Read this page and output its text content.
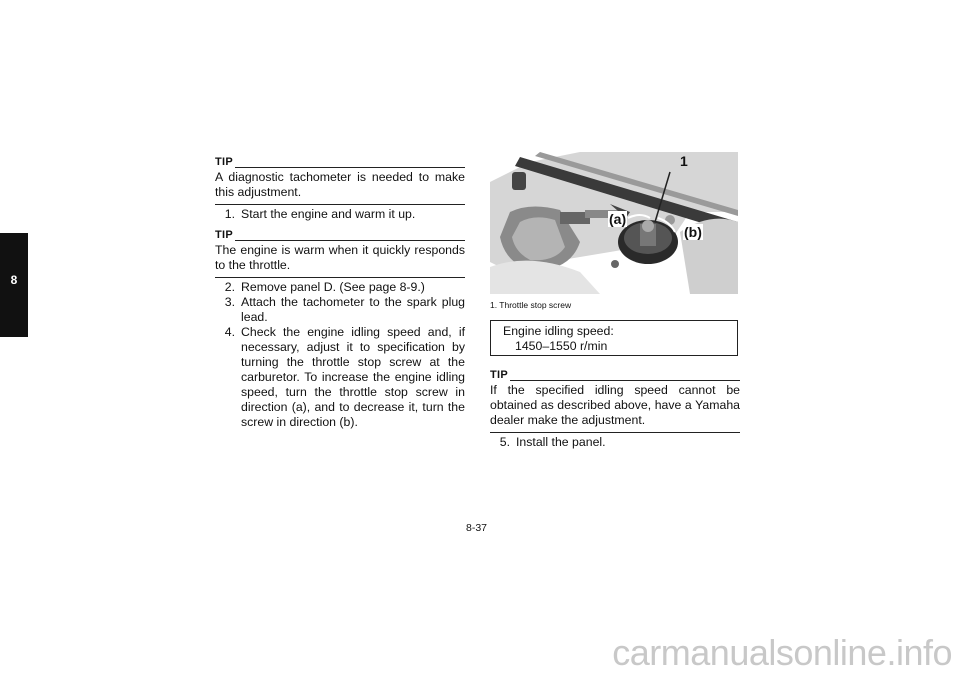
8
TIP
A diagnostic tachometer is needed to make this adjustment.
1. Start the engine and warm it up.
TIP
The engine is warm when it quickly responds to the throttle.
2. Remove panel D. (See page 8-9.)
3. Attach the tachometer to the spark plug lead.
4. Check the engine idling speed and, if necessary, adjust it to specification by turning the throttle stop screw at the carburetor. To increase the engine idling speed, turn the throttle stop screw in direction (a), and to decrease it, turn the screw in direction (b).
1
(a)
(b)
1. Throttle stop screw
Engine idling speed:
1450–1550 r/min
TIP
If the specified idling speed cannot be obtained as described above, have a Yamaha dealer make the adjustment.
5. Install the panel.
8-37
carmanualsonline.info
